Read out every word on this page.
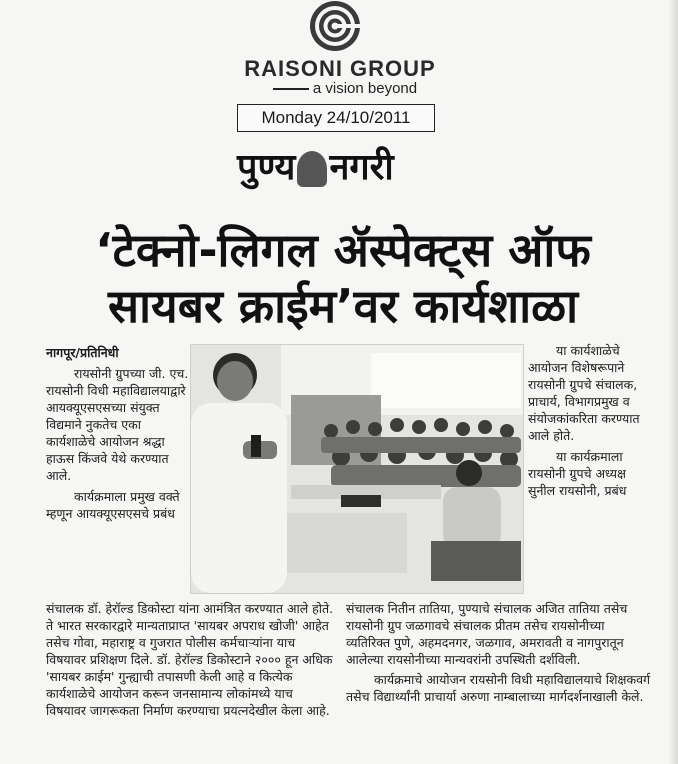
RAISONI GROUP
a vision beyond
Monday 24/10/2011
पुण्य नगरी
‘टेक्नो-लिगल ॲस्पेक्ट्स ऑफ
सायबर क्राईम’वर कार्यशाळा

नागपूर/प्रतिनिधी

रायसोनी ग्रुपच्या जी. एच. रायसोनी विधी महाविद्यालयाद्वारे आयक्यूएसएसच्या संयुक्त विद्यमाने नुकतेच एका कार्यशाळेचे आयोजन श्रद्धा हाऊस किंजवे येथे करण्यात आले.

कार्यक्रमाला प्रमुख वक्ते म्हणून आयक्यूएसएसचे प्रबंध

या कार्यशाळेचे आयोजन विशेषरूपाने रायसोनी ग्रुपचे संचालक, प्राचार्य, विभागप्रमुख व संयोजकांकरिता करण्यात आले होते.

या कार्यक्रमाला रायसोनी ग्रुपचे अध्यक्ष सुनील रायसोनी, प्रबंध

संचालक डॉ. हेरॉल्ड डिकोस्टा यांना आमंत्रित करण्यात आले होते. ते भारत सरकारद्वारे मान्यताप्राप्त 'सायबर अपराध खोजी' आहेत तसेच गोवा, महाराष्ट्र व गुजरात पोलीस कर्मचाऱ्यांना याच विषयावर प्रशिक्षण दिले. डॉ. हेरॉल्ड डिकोस्टाने २००० हून अधिक 'सायबर क्राईम' गुन्ह्याची तपासणी केली आहे व कित्येक कार्यशाळेचे आयोजन करून जनसामान्य लोकांमध्ये याच विषयावर जागरूकता निर्माण करण्याचा प्रयत्नदेखील केला आहे.

संचालक नितीन तातिया, पुण्याचे संचालक अजित तातिया तसेच रायसोनी ग्रुप जळगावचे संचालक प्रीतम तसेच रायसोनीच्या व्यतिरिक्त पुणे, अहमदनगर, जळगाव, अमरावती व नागपुरातून आलेल्या रायसोनीच्या मान्यवरांनी उपस्थिती दर्शविली.

कार्यक्रमाचे आयोजन रायसोनी विधी महाविद्यालयाचे शिक्षकवर्ग तसेच विद्यार्थ्यांनी प्राचार्या अरुणा नाम्बालाच्या मार्गदर्शनाखाली केले.
